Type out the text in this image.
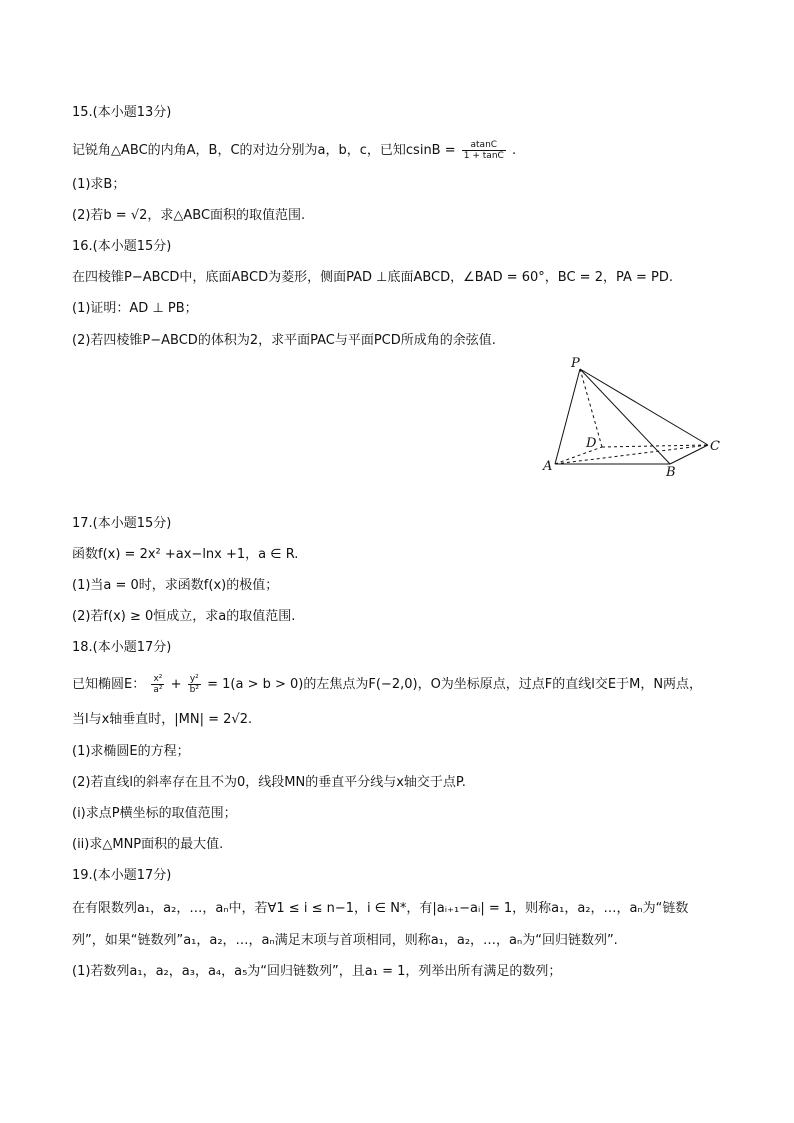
15.(本小题13分)
记锐角△ABC的内角A，B，C的对边分别为a，b，c，已知$csinB = \frac{atanC}{1 + \tan C}$ .
(1)求B；
(2)若b = √2，求△ABC面积的取值范围.
16.(本小题15分)
在四棱锥P−ABCD中，底面ABCD为菱形，侧面PAD ⊥底面ABCD，∠BAD = 60°，BC = 2，PA = PD.
(1)证明：AD ⊥ PB；
(2)若四棱锥P−ABCD的体积为2，求平面PAC与平面PCD所成角的余弦值.
P
D	C
A	B
17.(本小题15分)
函数f(x) = 2x² +ax−lnx +1，a ∈ R.
(1)当a = 0时，求函数f(x)的极值；
(2)若f(x) ≥ 0恒成立，求a的取值范围.
18.(本小题17分)
已知椭圆E： $\frac{\text{x²}}{\text{a²}} + \frac{\text{y²}}{\text{b²}} = 1(a > b > 0)$的左焦点为F(−2,0)，O为坐标原点，过点F的直线l交E于M，N两点，
当l与x轴垂直时，|MN| = 2√2.
(1)求椭圆E的方程；
(2)若直线l的斜率存在且不为0，线段MN的垂直平分线与x轴交于点P.
(i)求点P横坐标的取值范围；
(ii)求△MNP面积的最大值.
19.(本小题17分)
在有限数列a₁，a₂，…，aₙ中，若∀1 ≤ i ≤ n−1，i ∈ N*，有|aᵢ₊₁−aᵢ| = 1，则称a₁，a₂，…，aₙ为“链数
列”，如果“链数列”a₁，a₂，…，aₙ满足末项与首项相同，则称a₁，a₂，…，aₙ为“回归链数列”.
(1)若数列a₁，a₂，a₃，a₄，a₅为“回归链数列”，且a₁ = 1，列举出所有满足的数列；
